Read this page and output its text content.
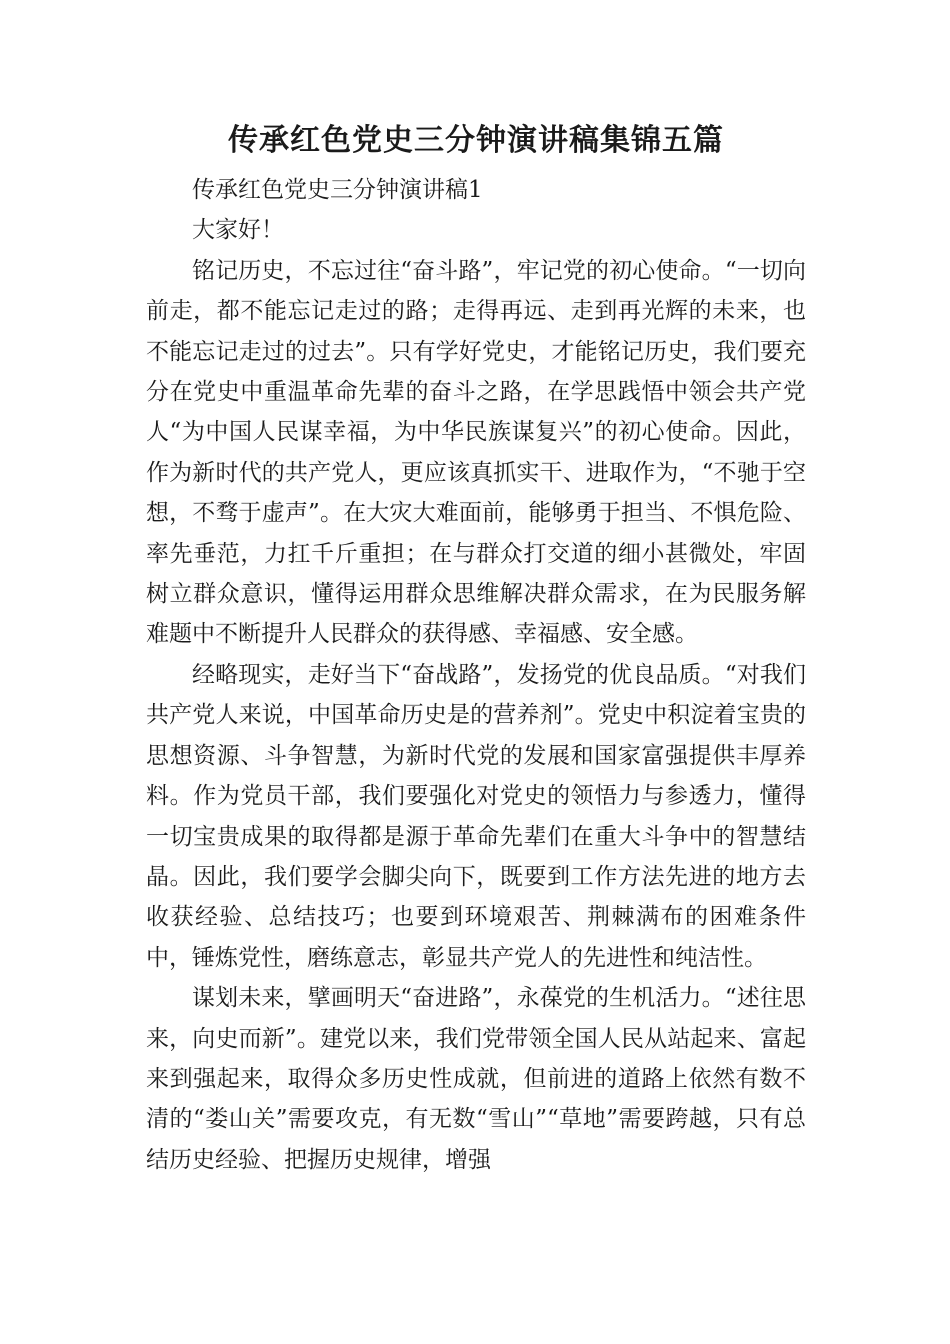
传承红色党史三分钟演讲稿集锦五篇

传承红色党史三分钟演讲稿1

大家好！

铭记历史，不忘过往“奋斗路”，牢记党的初心使命。“一切向前走，都不能忘记走过的路；走得再远、走到再光辉的未来，也不能忘记走过的过去”。只有学好党史，才能铭记历史，我们要充分在党史中重温革命先辈的奋斗之路，在学思践悟中领会共产党人“为中国人民谋幸福，为中华民族谋复兴”的初心使命。因此，作为新时代的共产党人，更应该真抓实干、进取作为，“不驰于空想，不骛于虚声”。在大灾大难面前，能够勇于担当、不惧危险、率先垂范，力扛千斤重担；在与群众打交道的细小甚微处，牢固树立群众意识，懂得运用群众思维解决群众需求，在为民服务解难题中不断提升人民群众的获得感、幸福感、安全感。

经略现实，走好当下“奋战路”，发扬党的优良品质。“对我们共产党人来说，中国革命历史是的营养剂”。党史中积淀着宝贵的思想资源、斗争智慧，为新时代党的发展和国家富强提供丰厚养料。作为党员干部，我们要强化对党史的领悟力与参透力，懂得一切宝贵成果的取得都是源于革命先辈们在重大斗争中的智慧结晶。因此，我们要学会脚尖向下，既要到工作方法先进的地方去收获经验、总结技巧；也要到环境艰苦、荆棘满布的困难条件中，锤炼党性，磨练意志，彰显共产党人的先进性和纯洁性。

谋划未来，擘画明天“奋进路”，永葆党的生机活力。“述往思来，向史而新”。建党以来，我们党带领全国人民从站起来、富起来到强起来，取得众多历史性成就，但前进的道路上依然有数不清的“娄山关”需要攻克，有无数“雪山”“草地”需要跨越，只有总结历史经验、把握历史规律，增强
